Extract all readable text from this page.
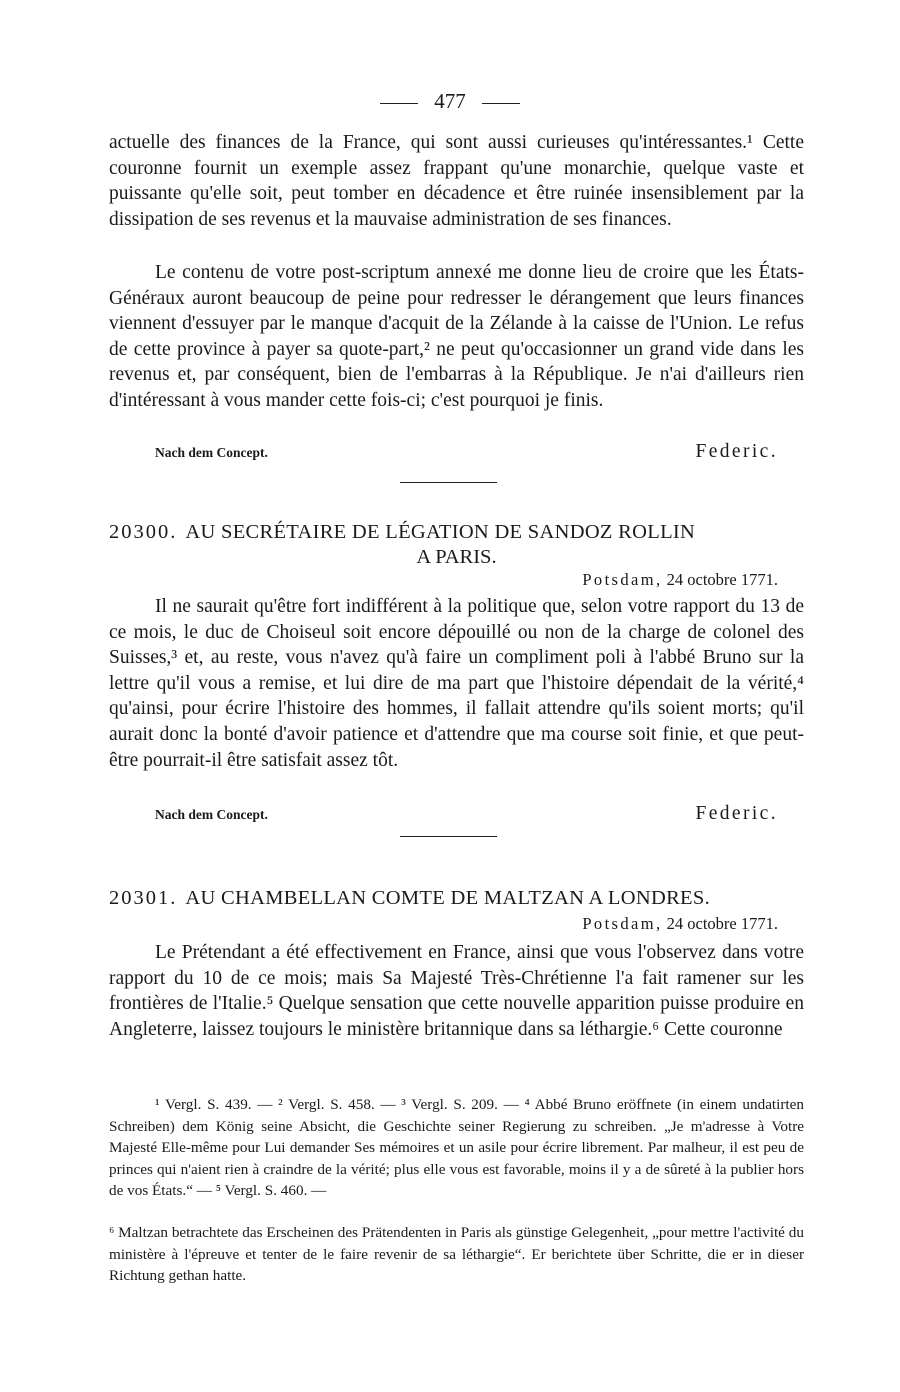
477

actuelle des finances de la France, qui sont aussi curieuses qu'intéressantes.¹ Cette couronne fournit un exemple assez frappant qu'une monarchie, quelque vaste et puissante qu'elle soit, peut tomber en décadence et être ruinée insensiblement par la dissipation de ses revenus et la mauvaise administration de ses finances.

Le contenu de votre post-scriptum annexé me donne lieu de croire que les États-Généraux auront beaucoup de peine pour redresser le dérangement que leurs finances viennent d'essuyer par le manque d'acquit de la Zélande à la caisse de l'Union. Le refus de cette province à payer sa quote-part,² ne peut qu'occasionner un grand vide dans les revenus et, par conséquent, bien de l'embarras à la République. Je n'ai d'ailleurs rien d'intéressant à vous mander cette fois-ci; c'est pourquoi je finis.

Nach dem Concept.	Federic.
20300. AU SECRÉTAIRE DE LÉGATION DE SANDOZ ROLLIN
A PARIS.
Potsdam, 24 octobre 1771.

Il ne saurait qu'être fort indifférent à la politique que, selon votre rapport du 13 de ce mois, le duc de Choiseul soit encore dépouillé ou non de la charge de colonel des Suisses,³ et, au reste, vous n'avez qu'à faire un compliment poli à l'abbé Bruno sur la lettre qu'il vous a remise, et lui dire de ma part que l'histoire dépendait de la vérité,⁴ qu'ainsi, pour écrire l'histoire des hommes, il fallait attendre qu'ils soient morts; qu'il aurait donc la bonté d'avoir patience et d'attendre que ma course soit finie, et que peut-être pourrait-il être satisfait assez tôt.

Nach dem Concept.	Federic.
20301. AU CHAMBELLAN COMTE DE MALTZAN A LONDRES.
Potsdam, 24 octobre 1771.

Le Prétendant a été effectivement en France, ainsi que vous l'observez dans votre rapport du 10 de ce mois; mais Sa Majesté Très-Chrétienne l'a fait ramener sur les frontières de l'Italie.⁵ Quelque sensation que cette nouvelle apparition puisse produire en Angleterre, laissez toujours le ministère britannique dans sa léthargie.⁶ Cette couronne

¹ Vergl. S. 439. — ² Vergl. S. 458. — ³ Vergl. S. 209. — ⁴ Abbé Bruno eröffnete (in einem undatirten Schreiben) dem König seine Absicht, die Geschichte seiner Regierung zu schreiben. „Je m'adresse à Votre Majesté Elle-même pour Lui demander Ses mémoires et un asile pour écrire librement. Par malheur, il est peu de princes qui n'aient rien à craindre de la vérité; plus elle vous est favorable, moins il y a de sûreté à la publier hors de vos États.“ — ⁵ Vergl. S. 460. —

⁶ Maltzan betrachtete das Erscheinen des Prätendenten in Paris als günstige Gelegenheit, „pour mettre l'activité du ministère à l'épreuve et tenter de le faire revenir de sa léthargie“. Er berichtete über Schritte, die er in dieser Richtung gethan hatte.
